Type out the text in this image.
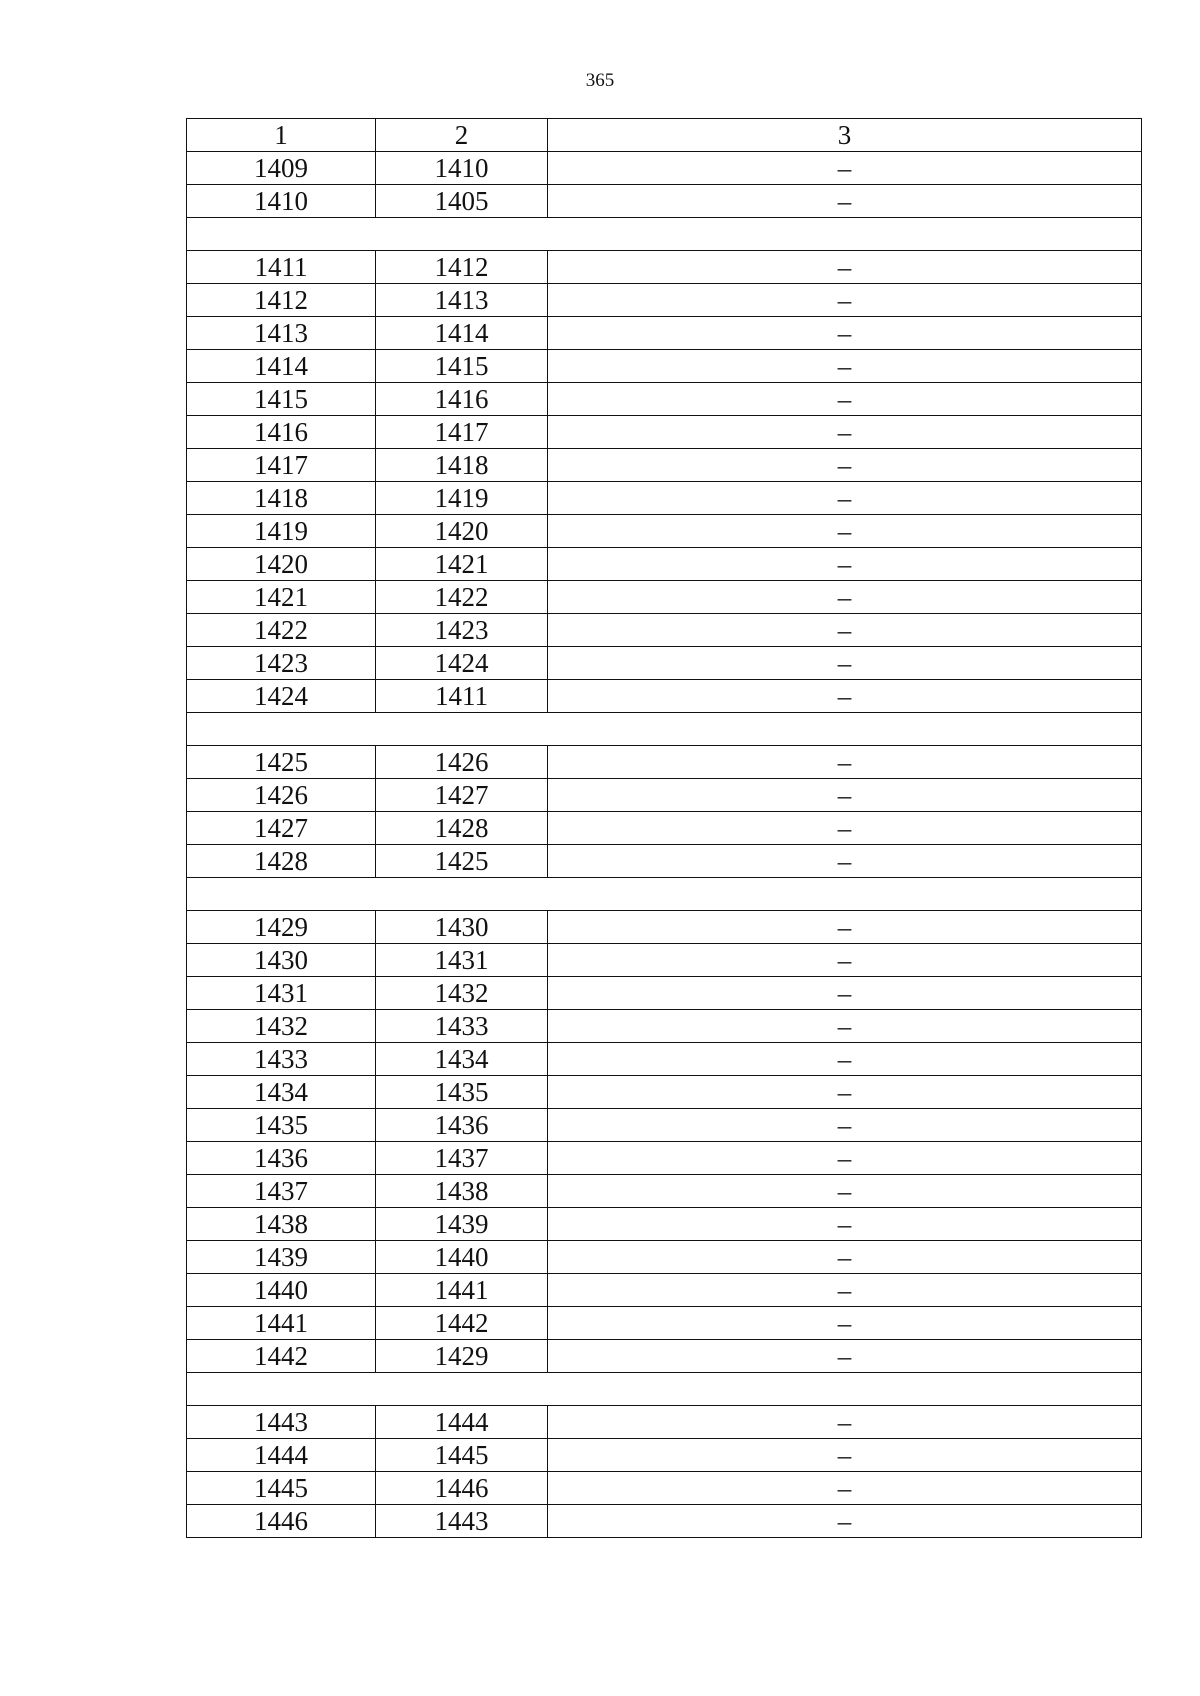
365
1	2	3
1409	1410	–
1410	1405	–

1411	1412	–
1412	1413	–
1413	1414	–
1414	1415	–
1415	1416	–
1416	1417	–
1417	1418	–
1418	1419	–
1419	1420	–
1420	1421	–
1421	1422	–
1422	1423	–
1423	1424	–
1424	1411	–

1425	1426	–
1426	1427	–
1427	1428	–
1428	1425	–

1429	1430	–
1430	1431	–
1431	1432	–
1432	1433	–
1433	1434	–
1434	1435	–
1435	1436	–
1436	1437	–
1437	1438	–
1438	1439	–
1439	1440	–
1440	1441	–
1441	1442	–
1442	1429	–

1443	1444	–
1444	1445	–
1445	1446	–
1446	1443	–
